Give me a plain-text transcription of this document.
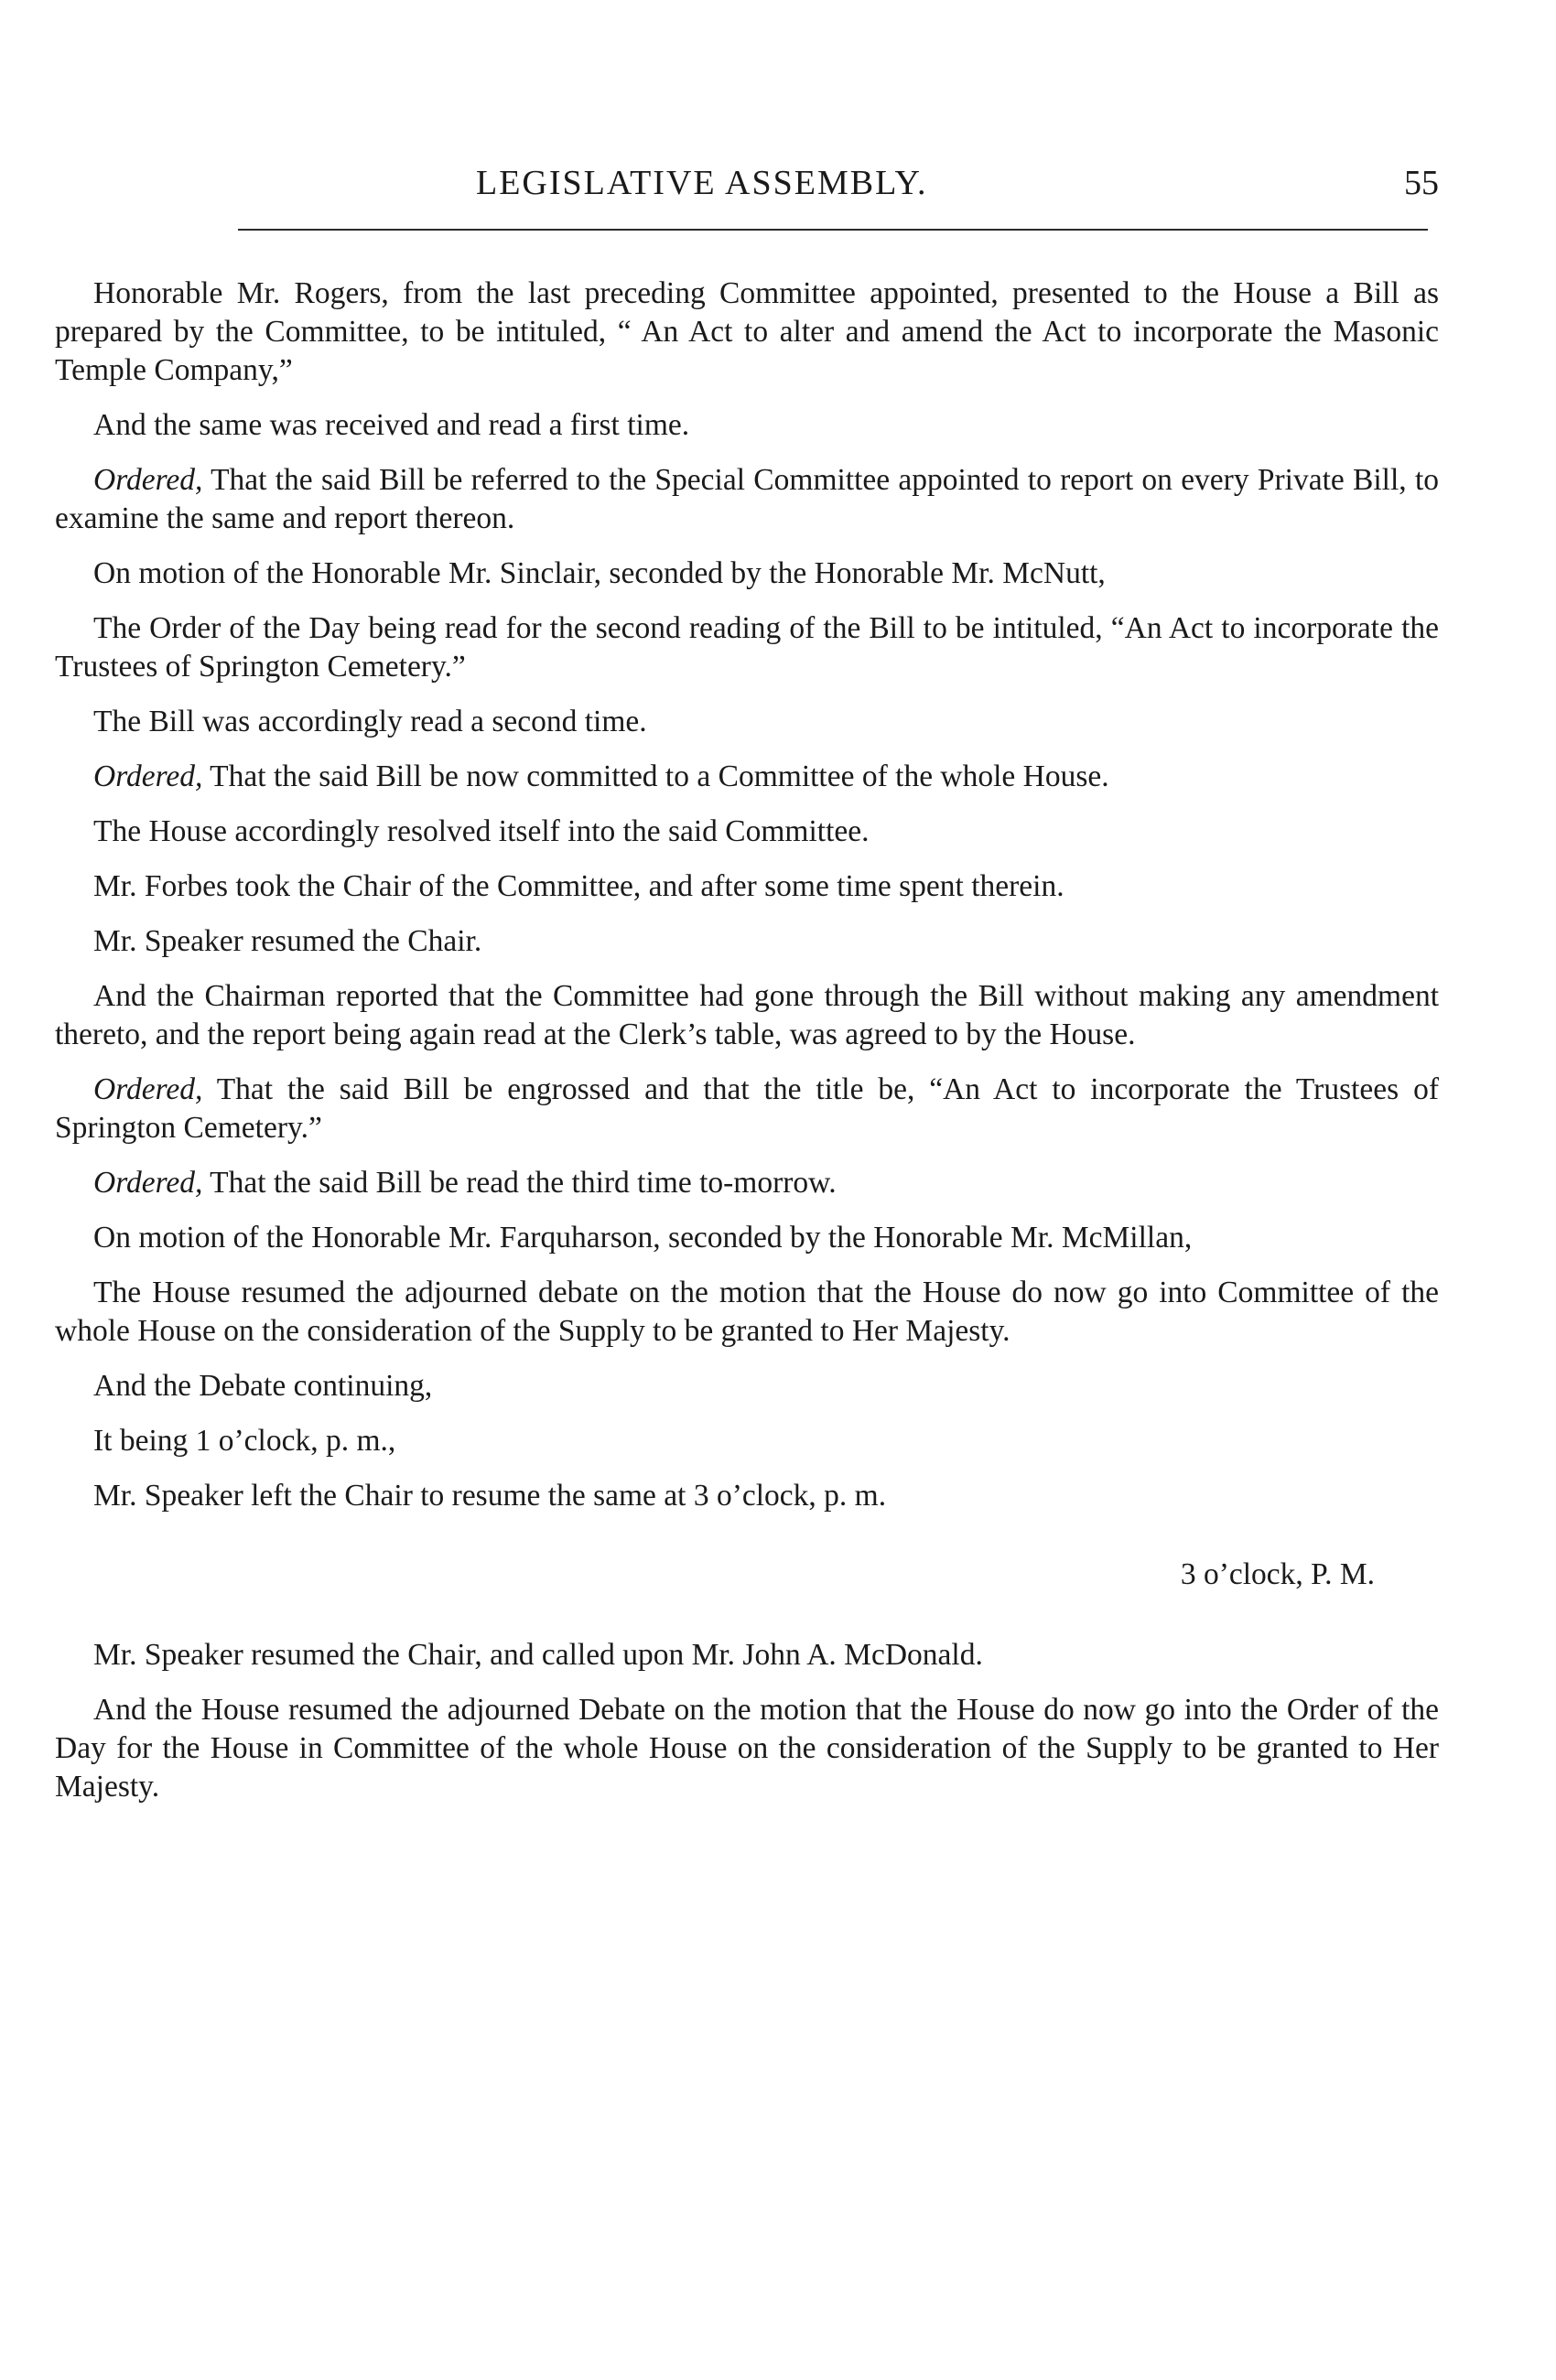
LEGISLATIVE ASSEMBLY.	55

Honorable Mr. Rogers, from the last preceding Committee appointed, presented to the House a Bill as prepared by the Committee, to be intituled, “ An Act to alter and amend the Act to incorporate the Masonic Temple Company,”

And the same was received and read a first time.

Ordered, That the said Bill be referred to the Special Committee appointed to report on every Private Bill, to examine the same and report thereon.

On motion of the Honorable Mr. Sinclair, seconded by the Honorable Mr. McNutt,

The Order of the Day being read for the second reading of the Bill to be intituled, “An Act to incorporate the Trustees of Springton Cemetery.”

The Bill was accordingly read a second time.

Ordered, That the said Bill be now committed to a Committee of the whole House.

The House accordingly resolved itself into the said Committee.

Mr. Forbes took the Chair of the Committee, and after some time spent therein.

Mr. Speaker resumed the Chair.

And the Chairman reported that the Committee had gone through the Bill without making any amendment thereto, and the report being again read at the Clerk’s table, was agreed to by the House.

Ordered, That the said Bill be engrossed and that the title be, “An Act to incorporate the Trustees of Springton Cemetery.”

Ordered, That the said Bill be read the third time to-morrow.

On motion of the Honorable Mr. Farquharson, seconded by the Honorable Mr. McMillan,

The House resumed the adjourned debate on the motion that the House do now go into Committee of the whole House on the consideration of the Supply to be granted to Her Majesty.

And the Debate continuing,

It being 1 o’clock, p. m.,

Mr. Speaker left the Chair to resume the same at 3 o’clock, p. m.

3 o’clock, P. M.

Mr. Speaker resumed the Chair, and called upon Mr. John A. McDonald.

And the House resumed the adjourned Debate on the motion that the House do now go into the Order of the Day for the House in Committee of the whole House on the consideration of the Supply to be granted to Her Majesty.
